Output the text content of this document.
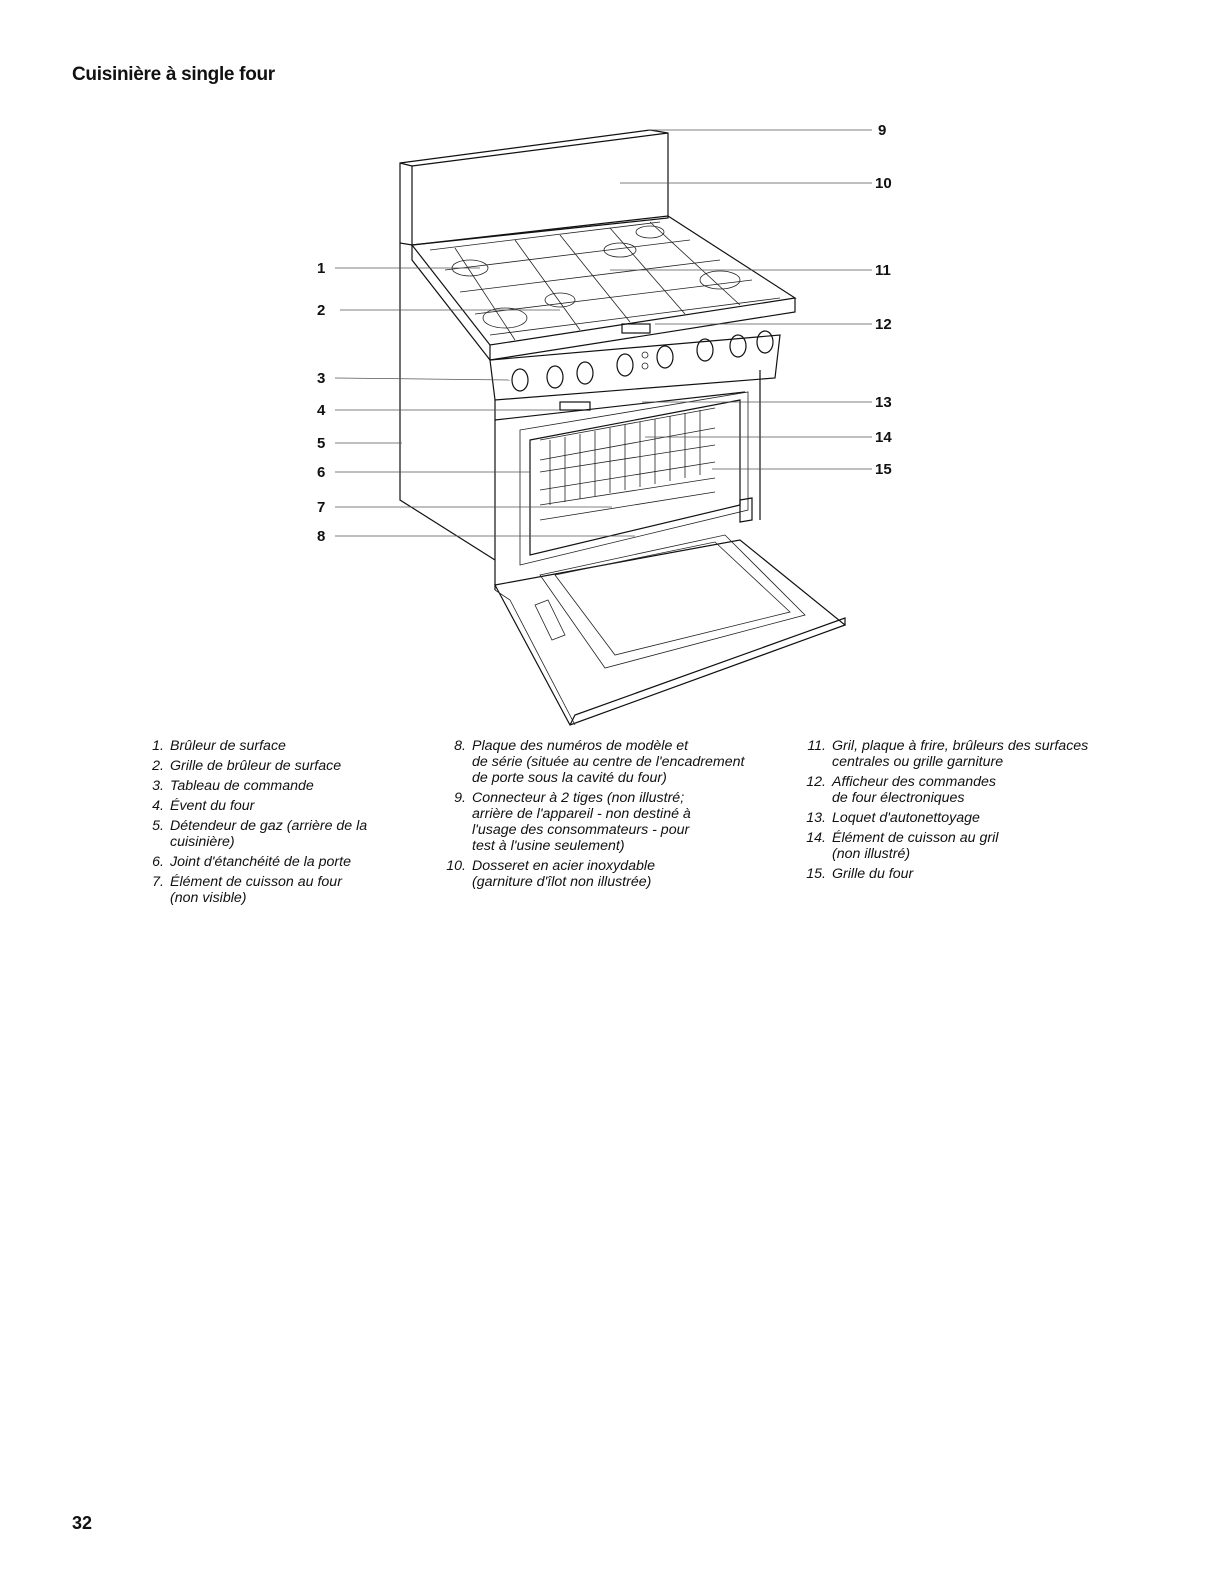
Cuisinière à single four
1
2
3
4
5
6
7
8
9
10
11
12
13
14
15
1. Brûleur de surface
2. Grille de brûleur de surface
3. Tableau de commande
4. Évent du four
5. Détendeur de gaz (arrière de la
cuisinière)
6. Joint d'étanchéité de la porte
7. Élément de cuisson au four
(non visible)
8. Plaque des numéros de modèle et
de série (située au centre de l'encadrement
de porte sous la cavité du four)
9. Connecteur à 2 tiges (non illustré;
arrière de l'appareil - non destiné à
l'usage des consommateurs - pour
test à l'usine seulement)
10. Dosseret en acier inoxydable
(garniture d'îlot non illustrée)
11. Gril, plaque à frire, brûleurs des surfaces
centrales ou grille garniture
12. Afficheur des commandes
de four électroniques
13. Loquet d'autonettoyage
14. Élément de cuisson au gril
(non illustré)
15. Grille du four
32
